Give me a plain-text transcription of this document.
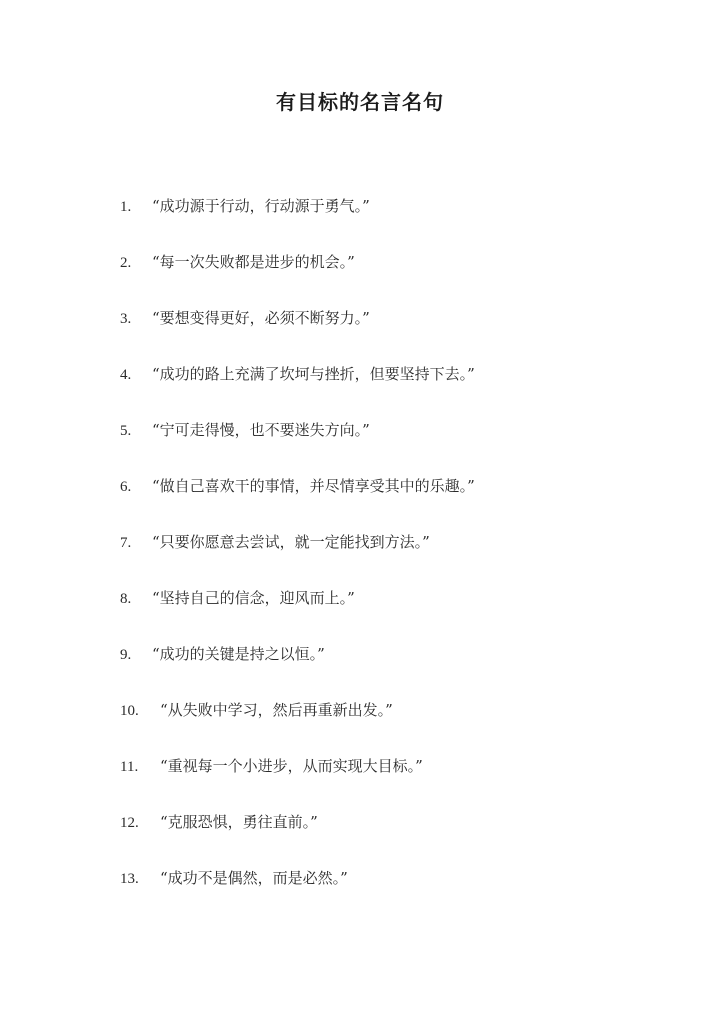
有目标的名言名句
1. “成功源于行动，行动源于勇气。”
2. “每一次失败都是进步的机会。”
3. “要想变得更好，必须不断努力。”
4. “成功的路上充满了坎坷与挫折，但要坚持下去。”
5. “宁可走得慢，也不要迷失方向。”
6. “做自己喜欢干的事情，并尽情享受其中的乐趣。”
7. “只要你愿意去尝试，就一定能找到方法。”
8. “坚持自己的信念，迎风而上。”
9. “成功的关键是持之以恒。”
10. “从失败中学习，然后再重新出发。”
11. “重视每一个小进步，从而实现大目标。”
12. “克服恐惧，勇往直前。”
13. “成功不是偶然，而是必然。”
